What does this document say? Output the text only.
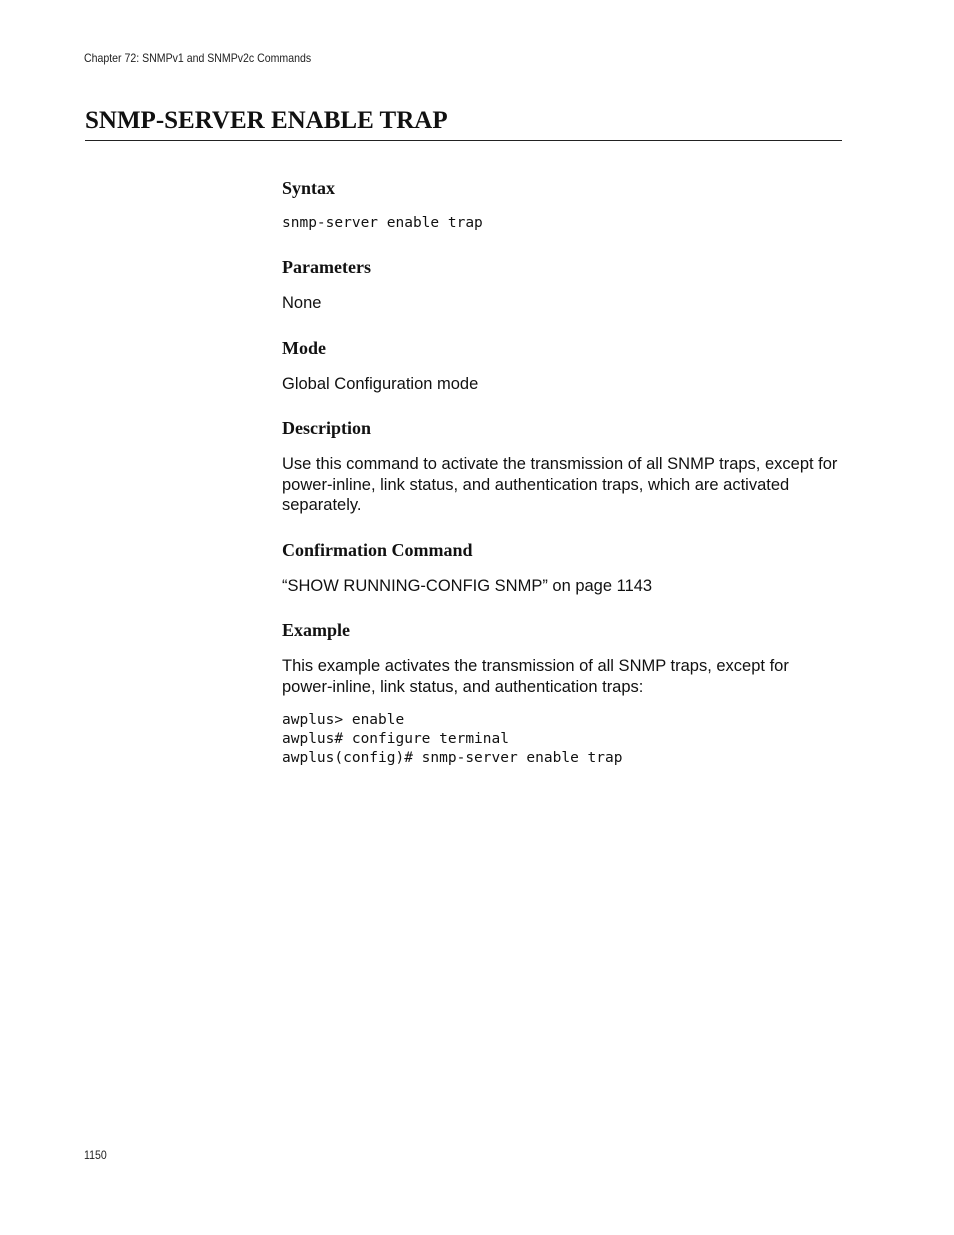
Chapter 72: SNMPv1 and SNMPv2c Commands
SNMP-SERVER ENABLE TRAP
Syntax

snmp-server enable trap

Parameters

None

Mode

Global Configuration mode

Description

Use this command to activate the transmission of all SNMP traps, except for power-inline, link status, and authentication traps, which are activated separately.

Confirmation Command

“SHOW RUNNING-CONFIG SNMP” on page 1143

Example

This example activates the transmission of all SNMP traps, except for power-inline, link status, and authentication traps:

awplus> enable

awplus# configure terminal

awplus(config)# snmp-server enable trap

1150
